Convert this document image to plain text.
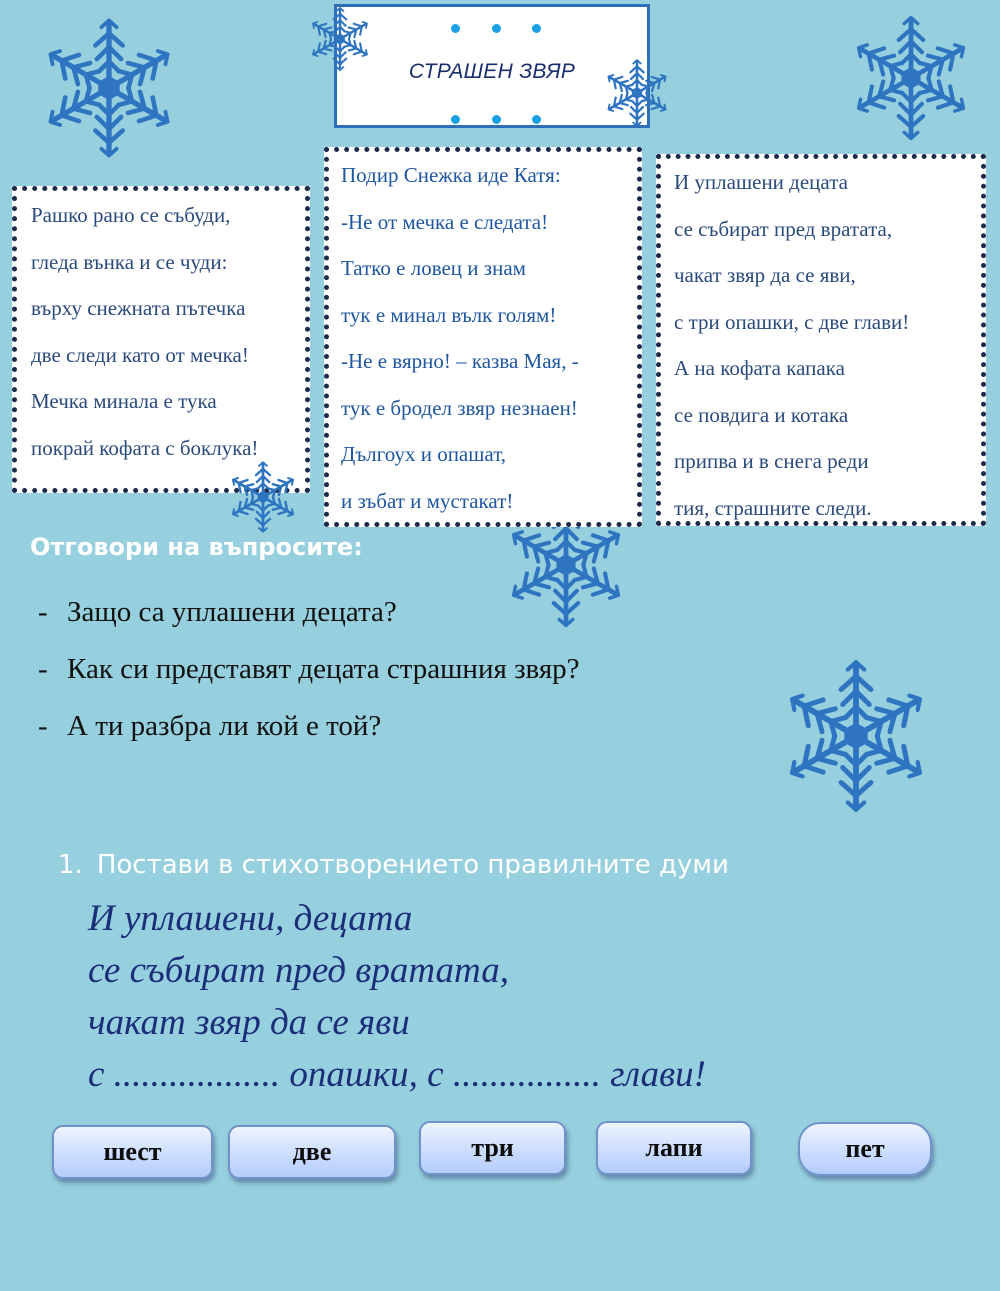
СТРАШЕН ЗВЯР
Рашко рано се събуди,
гледа вънка и се чуди:
върху снежната пътечка
две следи като от мечка!
Мечка минала е тука
покрай кофата с боклука!
Подир Снежка иде Катя:
-Не от мечка е следата!
Татко е ловец и знам
тук е минал вълк голям!
-Не е вярно! – казва Мая, -
тук е бродел звяр незнаен!
Дългоух и опашат,
и зъбат и мустакат!
И уплашени децата
се събират пред вратата,
чакат звяр да се яви,
с три опашки, с две глави!
А на кофата капака
се повдига и котака
припва и в снега реди
тия, страшните следи.
Отговори на въпросите:
- Защо са уплашени децата?
- Как си представят децата страшния звяр?
- А ти разбра ли кой е той?
1. Постави в стихотворението правилните думи
И уплашени, децата
се събират пред вратата,
чакат звяр да се яви
с .................. опашки, с ................ глави!
шест	две	три	лапи	пет
